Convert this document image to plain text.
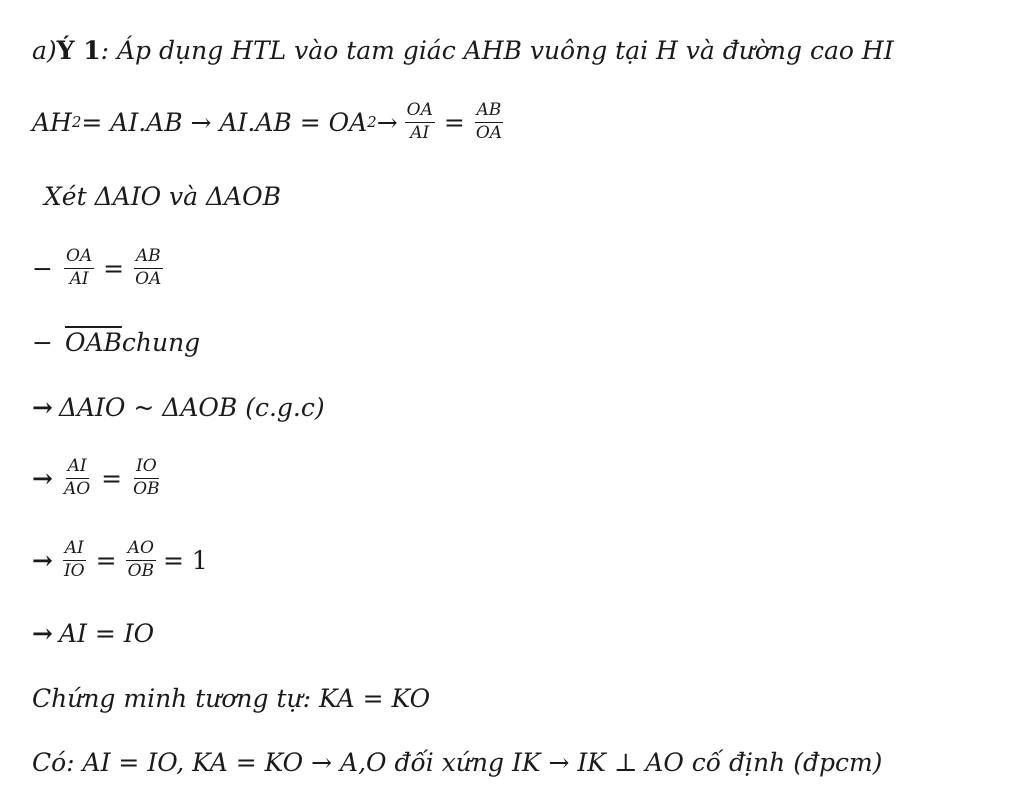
a) Ý 1 : Áp dụng HTL vào tam giác AHB vuông tại H và đường cao HI
AH 2 = AI.AB → AI.AB = OA $2 \to \frac{OA}{AI} = \frac{AB}{OA}$
Xét ΔAIO và ΔAOB
− $\frac{OA}{AI} = \frac{AB}{OA}$
− $\overline{OAB}$ chung
→ ΔAIO ~ ΔAOB (c.g.c)
→ $\frac{AI}{AO} = \frac{IO}{OB}$
→ $\frac{AI}{IO} = \frac{AO}{OB} = 1$
→ AI = IO
Chứng minh tương tự: KA = KO
Có: AI = IO, KA = KO → A,O đối xứng IK → IK ⊥ AO cố định (đpcm)
